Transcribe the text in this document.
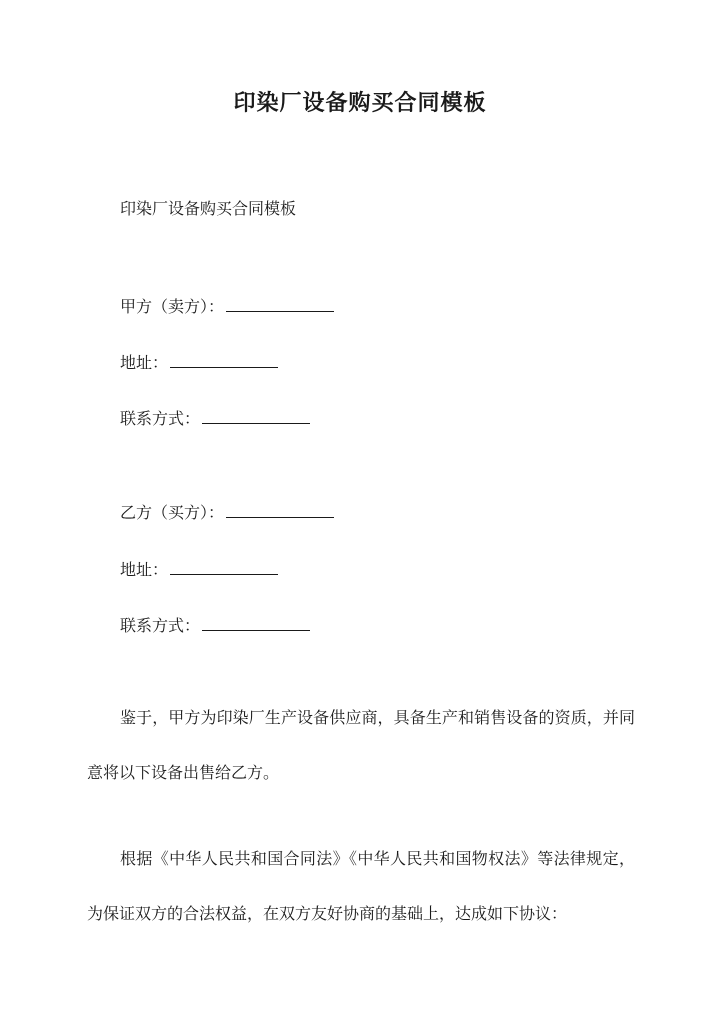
印染厂设备购买合同模板
印染厂设备购买合同模板
甲方（卖方）：
地址：
联系方式：
乙方（买方）：
地址：
联系方式：
鉴于，甲方为印染厂生产设备供应商，具备生产和销售设备的资质，并同意将以下设备出售给乙方。
根据《中华人民共和国合同法》《中华人民共和国物权法》等法律规定，为保证双方的合法权益，在双方友好协商的基础上，达成如下协议：
